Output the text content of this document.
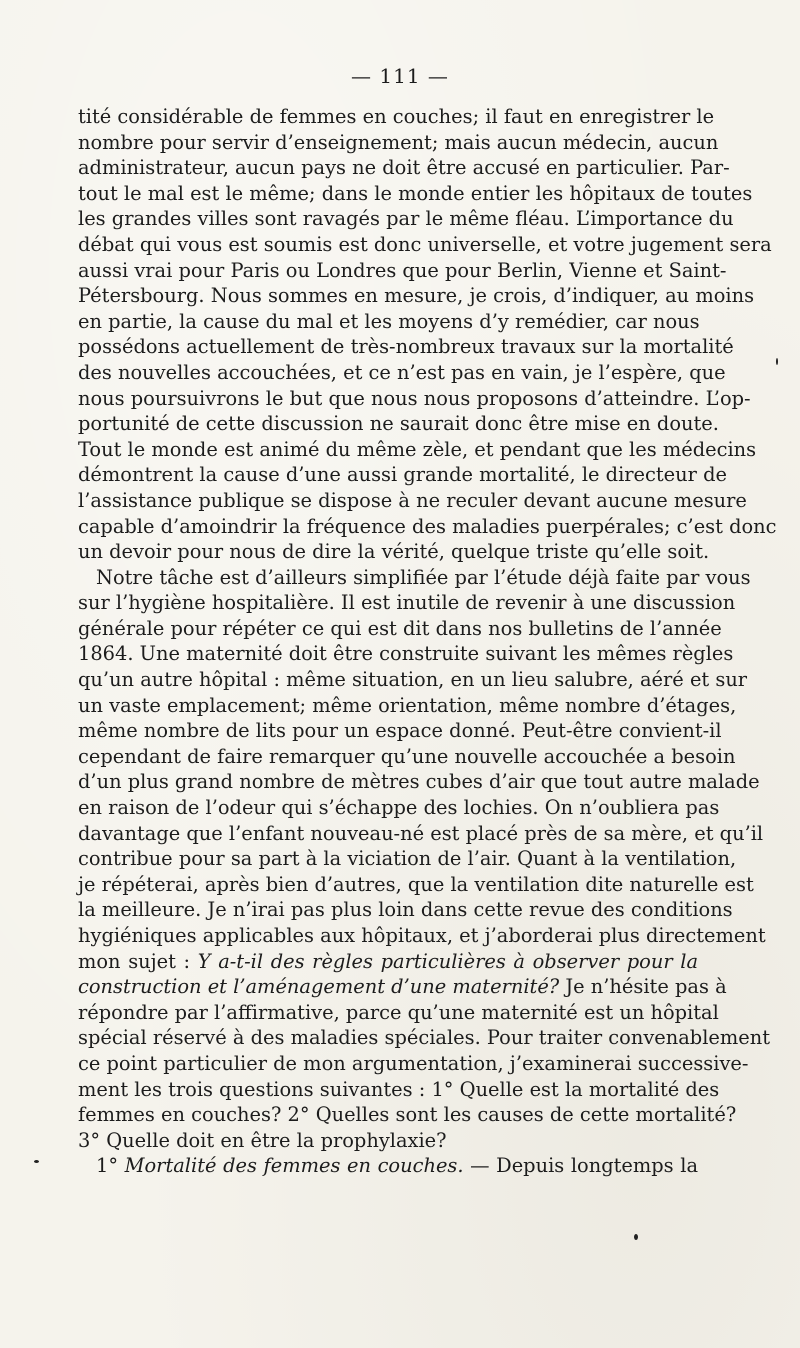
— 111 —
tité considérable de femmes en couches; il faut en enregistrer le
nombre pour servir d’enseignement; mais aucun médecin, aucun
administrateur, aucun pays ne doit être accusé en particulier. Par-
tout le mal est le même; dans le monde entier les hôpitaux de toutes
les grandes villes sont ravagés par le même fléau. L’importance du
débat qui vous est soumis est donc universelle, et votre jugement sera
aussi vrai pour Paris ou Londres que pour Berlin, Vienne et Saint-
Pétersbourg. Nous sommes en mesure, je crois, d’indiquer, au moins
en partie, la cause du mal et les moyens d’y remédier, car nous
possédons actuellement de très-nombreux travaux sur la mortalité
des nouvelles accouchées, et ce n’est pas en vain, je l’espère, que
nous poursuivrons le but que nous nous proposons d’atteindre. L’op-
portunité de cette discussion ne saurait donc être mise en doute.
Tout le monde est animé du même zèle, et pendant que les médecins
démontrent la cause d’une aussi grande mortalité, le directeur de
l’assistance publique se dispose à ne reculer devant aucune mesure
capable d’amoindrir la fréquence des maladies puerpérales; c’est donc
un devoir pour nous de dire la vérité, quelque triste qu’elle soit.
Notre tâche est d’ailleurs simplifiée par l’étude déjà faite par vous
sur l’hygiène hospitalière. Il est inutile de revenir à une discussion
générale pour répéter ce qui est dit dans nos bulletins de l’année
1864. Une maternité doit être construite suivant les mêmes règles
qu’un autre hôpital : même situation, en un lieu salubre, aéré et sur
un vaste emplacement; même orientation, même nombre d’étages,
même nombre de lits pour un espace donné. Peut-être convient-il
cependant de faire remarquer qu’une nouvelle accouchée a besoin
d’un plus grand nombre de mètres cubes d’air que tout autre malade
en raison de l’odeur qui s’échappe des lochies. On n’oubliera pas
davantage que l’enfant nouveau-né est placé près de sa mère, et qu’il
contribue pour sa part à la viciation de l’air. Quant à la ventilation,
je répéterai, après bien d’autres, que la ventilation dite naturelle est
la meilleure. Je n’irai pas plus loin dans cette revue des conditions
hygiéniques applicables aux hôpitaux, et j’aborderai plus directement
mon sujet : Y a-t-il des règles particulières à observer pour la
construction et l’aménagement d’une maternité? Je n’hésite pas à
répondre par l’affirmative, parce qu’une maternité est un hôpital
spécial réservé à des maladies spéciales. Pour traiter convenablement
ce point particulier de mon argumentation, j’examinerai successive-
ment les trois questions suivantes : 1° Quelle est la mortalité des
femmes en couches? 2° Quelles sont les causes de cette mortalité?
3° Quelle doit en être la prophylaxie?
1° Mortalité des femmes en couches. — Depuis longtemps la
